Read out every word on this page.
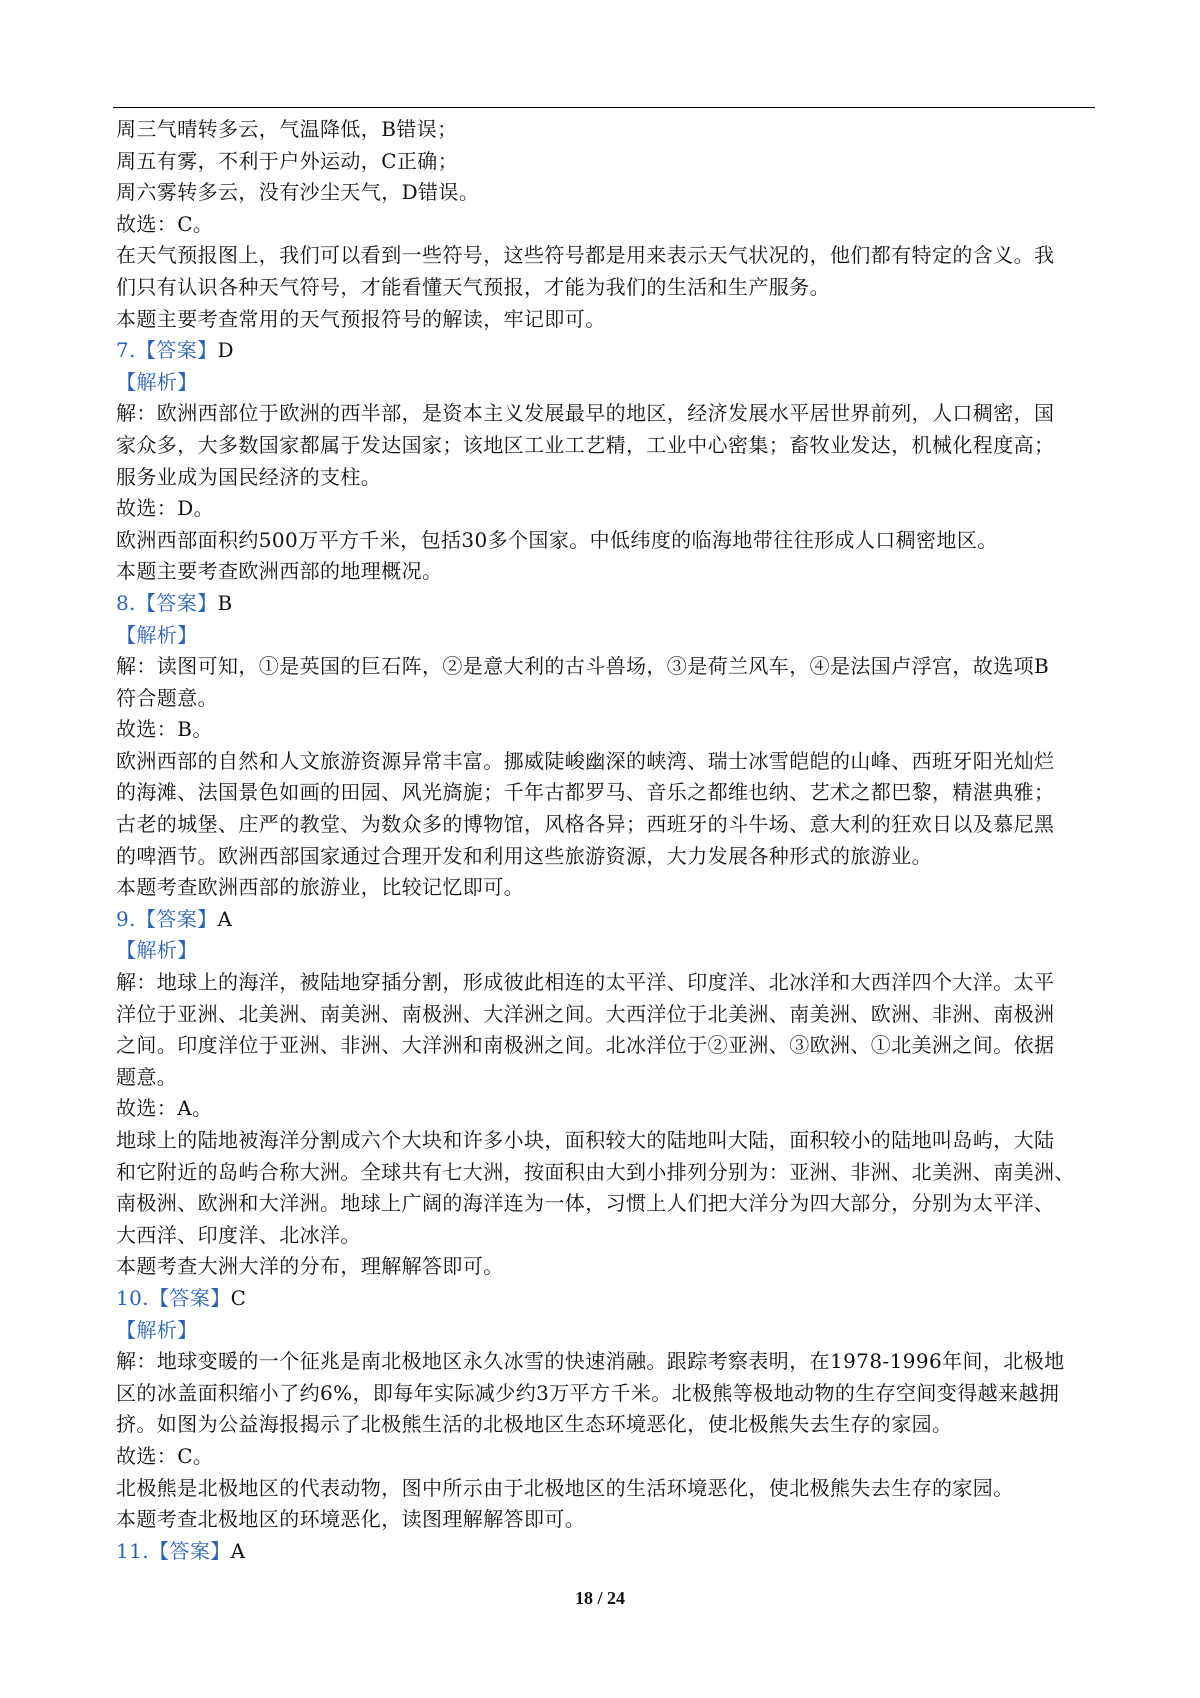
周三气晴转多云，气温降低，B错误；
周五有雾，不利于户外运动，C正确；
周六雾转多云，没有沙尘天气，D错误。
故选：C。
在天气预报图上，我们可以看到一些符号，这些符号都是用来表示天气状况的，他们都有特定的含义。我
们只有认识各种天气符号，才能看懂天气预报，才能为我们的生活和生产服务。
本题主要考查常用的天气预报符号的解读，牢记即可。
7.【答案】D
【解析】
解：欧洲西部位于欧洲的西半部，是资本主义发展最早的地区，经济发展水平居世界前列，人口稠密，国
家众多，大多数国家都属于发达国家；该地区工业工艺精，工业中心密集；畜牧业发达，机械化程度高；
服务业成为国民经济的支柱。
故选：D。
欧洲西部面积约500万平方千米，包括30多个国家。中低纬度的临海地带往往形成人口稠密地区。
本题主要考查欧洲西部的地理概况。
8.【答案】B
【解析】
解：读图可知，①是英国的巨石阵，②是意大利的古斗兽场，③是荷兰风车，④是法国卢浮宫，故选项B
符合题意。
故选：B。
欧洲西部的自然和人文旅游资源异常丰富。挪威陡峻幽深的峡湾、瑞士冰雪皑皑的山峰、西班牙阳光灿烂
的海滩、法国景色如画的田园、风光旖旎；千年古都罗马、音乐之都维也纳、艺术之都巴黎，精湛典雅；
古老的城堡、庄严的教堂、为数众多的博物馆，风格各异；西班牙的斗牛场、意大利的狂欢日以及慕尼黑
的啤酒节。欧洲西部国家通过合理开发和利用这些旅游资源，大力发展各种形式的旅游业。
本题考查欧洲西部的旅游业，比较记忆即可。
9.【答案】A
【解析】
解：地球上的海洋，被陆地穿插分割，形成彼此相连的太平洋、印度洋、北冰洋和大西洋四个大洋。太平
洋位于亚洲、北美洲、南美洲、南极洲、大洋洲之间。大西洋位于北美洲、南美洲、欧洲、非洲、南极洲
之间。印度洋位于亚洲、非洲、大洋洲和南极洲之间。北冰洋位于②亚洲、③欧洲、①北美洲之间。依据
题意。
故选：A。
地球上的陆地被海洋分割成六个大块和许多小块，面积较大的陆地叫大陆，面积较小的陆地叫岛屿，大陆
和它附近的岛屿合称大洲。全球共有七大洲，按面积由大到小排列分别为：亚洲、非洲、北美洲、南美洲、
南极洲、欧洲和大洋洲。地球上广阔的海洋连为一体，习惯上人们把大洋分为四大部分，分别为太平洋、
大西洋、印度洋、北冰洋。
本题考查大洲大洋的分布，理解解答即可。
10.【答案】C
【解析】
解：地球变暖的一个征兆是南北极地区永久冰雪的快速消融。跟踪考察表明，在1978-1996年间，北极地
区的冰盖面积缩小了约6%，即每年实际减少约3万平方千米。北极熊等极地动物的生存空间变得越来越拥
挤。如图为公益海报揭示了北极熊生活的北极地区生态环境恶化，使北极熊失去生存的家园。
故选：C。
北极熊是北极地区的代表动物，图中所示由于北极地区的生活环境恶化，使北极熊失去生存的家园。
本题考查北极地区的环境恶化，读图理解解答即可。
11.【答案】A
18 / 24
